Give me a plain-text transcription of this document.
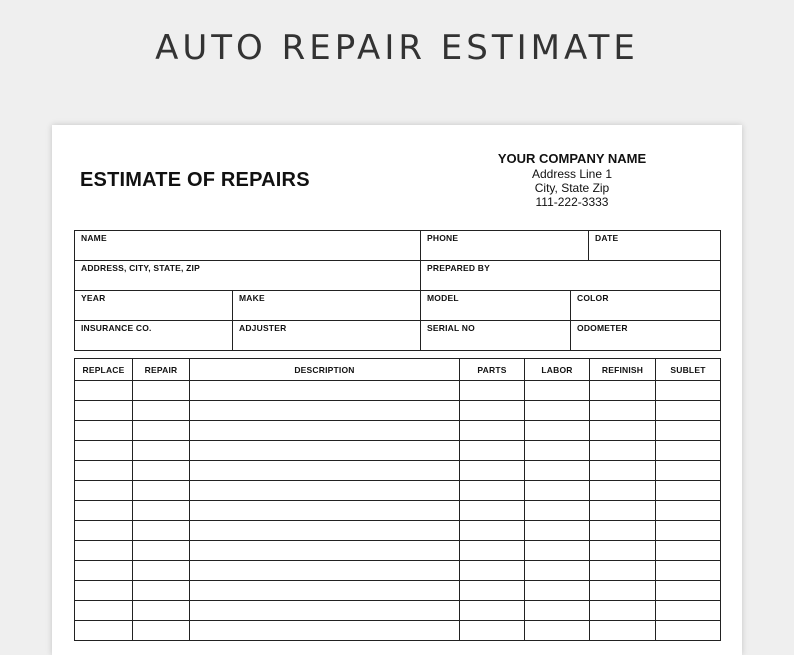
AUTO REPAIR ESTIMATE
ESTIMATE OF REPAIRS
YOUR COMPANY NAME
Address Line 1
City, State Zip
111-222-3333
NAME		PHONE		DATE
ADDRESS, CITY, STATE, ZIP		PREPARED BY		
YEAR	MAKE	MODEL	COLOR	
INSURANCE CO.	ADJUSTER	SERIAL NO	ODOMETER	
REPLACE	REPAIR	DESCRIPTION	PARTS	LABOR	REFINISH	SUBLET
